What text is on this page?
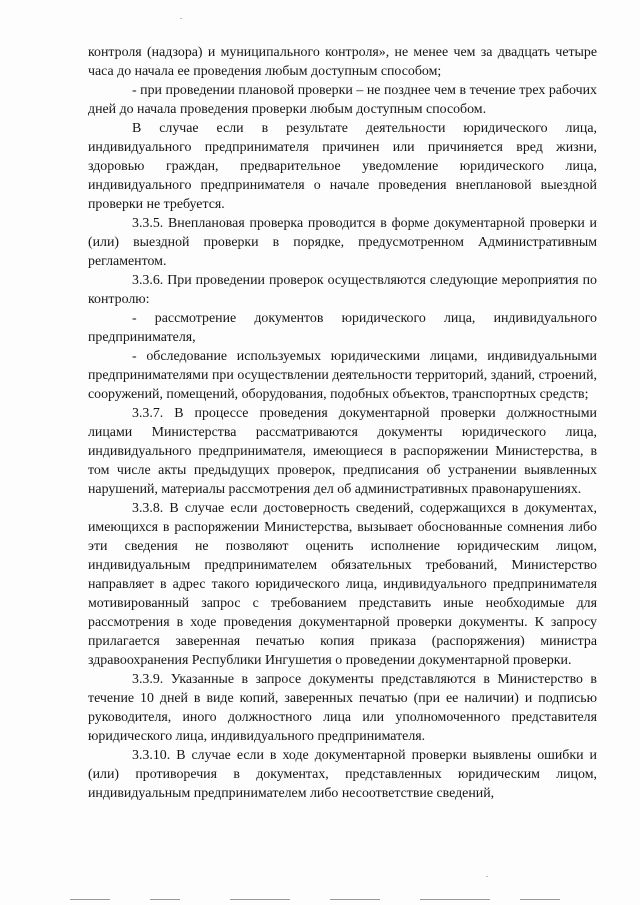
контроля (надзора) и муниципального контроля», не менее чем за двадцать четыре часа до начала ее проведения любым доступным способом;

- при проведении плановой проверки – не позднее чем в течение трех рабочих дней до начала проведения проверки любым доступным способом.

В случае если в результате деятельности юридического лица, индивидуального предпринимателя причинен или причиняется вред жизни, здоровью граждан, предварительное уведомление юридического лица, индивидуального предпринимателя о начале проведения внеплановой выездной проверки не требуется.

3.3.5. Внеплановая проверка проводится в форме документарной проверки и (или) выездной проверки в порядке, предусмотренном Административным регламентом.

3.3.6. При проведении проверок осуществляются следующие мероприятия по контролю:

- рассмотрение документов юридического лица, индивидуального предпринимателя,

- обследование используемых юридическими лицами, индивидуальными предпринимателями при осуществлении деятельности территорий, зданий, строений, сооружений, помещений, оборудования, подобных объектов, транспортных средств;

3.3.7. В процессе проведения документарной проверки должностными лицами Министерства рассматриваются документы юридического лица, индивидуального предпринимателя, имеющиеся в распоряжении Министерства, в том числе акты предыдущих проверок, предписания об устранении выявленных нарушений, материалы рассмотрения дел об административных правонарушениях.

3.3.8. В случае если достоверность сведений, содержащихся в документах, имеющихся в распоряжении Министерства, вызывает обоснованные сомнения либо эти сведения не позволяют оценить исполнение юридическим лицом, индивидуальным предпринимателем обязательных требований, Министерство направляет в адрес такого юридического лица, индивидуального предпринимателя мотивированный запрос с требованием представить иные необходимые для рассмотрения в ходе проведения документарной проверки документы. К запросу прилагается заверенная печатью копия приказа (распоряжения) министра здравоохранения Республики Ингушетия о проведении документарной проверки.

3.3.9. Указанные в запросе документы представляются в Министерство в течение 10 дней в виде копий, заверенных печатью (при ее наличии) и подписью руководителя, иного должностного лица или уполномоченного представителя юридического лица, индивидуального предпринимателя.

3.3.10. В случае если в ходе документарной проверки выявлены ошибки и (или) противоречия в документах, представленных юридическим лицом, индивидуальным предпринимателем либо несоответствие сведений,
